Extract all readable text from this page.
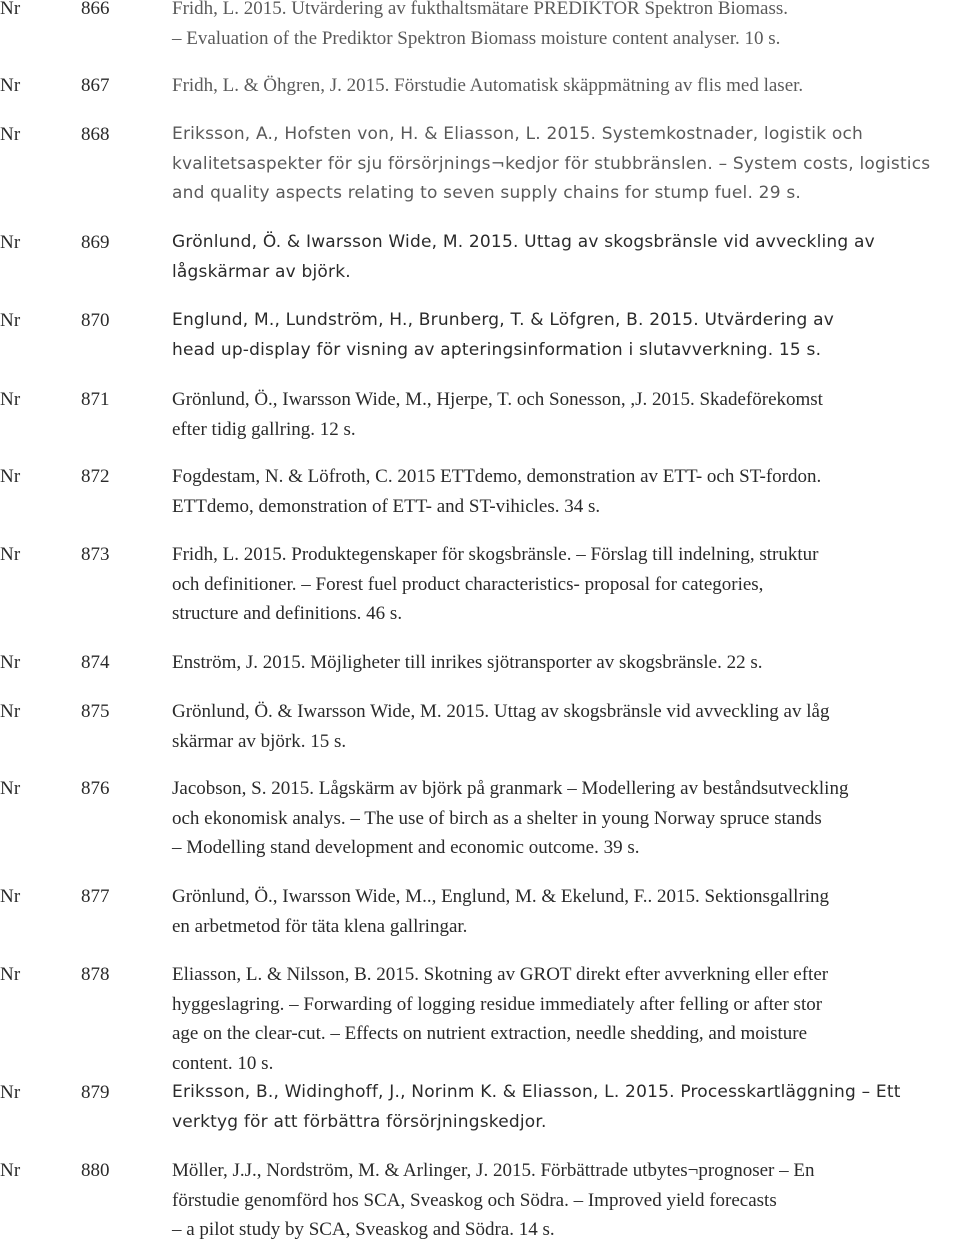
Nr	866	Fridh, L. 2015. Utvärdering av fukthaltsmätare PREDIKTOR Spektron Biomass.
– Evaluation of the Prediktor Spektron Biomass moisture content analyser. 10 s.
Nr	867	Fridh, L. & Öhgren, J. 2015. Förstudie Automatisk skäppmätning av flis med laser.
Nr	868	Eriksson, A., Hofsten von, H. & Eliasson, L. 2015. Systemkostnader, logistik och
kvalitetsaspekter för sju försörjnings¬kedjor för stubbränslen. – System costs, logistics
and quality aspects relating to seven supply chains for stump fuel. 29 s.
Nr	869	Grönlund, Ö. & Iwarsson Wide, M. 2015. Uttag av skogsbränsle vid avveckling av
lågskärmar av björk.
Nr	870	Englund, M., Lundström, H., Brunberg, T. & Löfgren, B. 2015. Utvärdering av
head up-display för visning av apteringsinformation i slutavverkning. 15 s.
Nr	871	Grönlund, Ö., Iwarsson Wide, M., Hjerpe, T. och Sonesson, ,J. 2015. Skadeförekomst
efter tidig gallring. 12 s.
Nr	872	Fogdestam, N. & Löfroth, C. 2015 ETTdemo, demonstration av ETT- och ST-fordon.
ETTdemo, demonstration of ETT- and ST-vihicles. 34 s.
Nr	873	Fridh, L. 2015. Produktegenskaper för skogsbränsle. – Förslag till indelning, struktur
och definitioner. – Forest fuel product characteristics- proposal for categories,
structure and definitions. 46 s.
Nr	874	Enström, J. 2015. Möjligheter till inrikes sjötransporter av skogsbränsle. 22 s.
Nr	875	Grönlund, Ö. & Iwarsson Wide, M. 2015. Uttag av skogsbränsle vid avveckling av låg
skärmar av björk. 15 s.
Nr	876	Jacobson, S. 2015. Lågskärm av björk på granmark – Modellering av beståndsutveckling
och ekonomisk analys. – The use of birch as a shelter in young Norway spruce stands
– Modelling stand development and economic outcome. 39 s.
Nr	877	Grönlund, Ö., Iwarsson Wide, M.., Englund, M. & Ekelund, F.. 2015. Sektionsgallring
en arbetmetod för täta klena gallringar.
Nr	878	Eliasson, L. & Nilsson, B. 2015. Skotning av GROT direkt efter avverkning eller efter
hyggeslagring. – Forwarding of logging residue immediately after felling or after stor
age on the clear-cut. – Effects on nutrient extraction, needle shedding, and moisture
content. 10 s.
Nr	879	Eriksson, B., Widinghoff, J., Norinm K. & Eliasson, L. 2015. Processkartläggning – Ett
verktyg för att förbättra försörjningskedjor.
Nr	880	Möller, J.J., Nordström, M. & Arlinger, J. 2015. Förbättrade utbytes¬prognoser – En
förstudie genomförd hos SCA, Sveaskog och Södra. – Improved yield forecasts
– a pilot study by SCA, Sveaskog and Södra. 14 s.
